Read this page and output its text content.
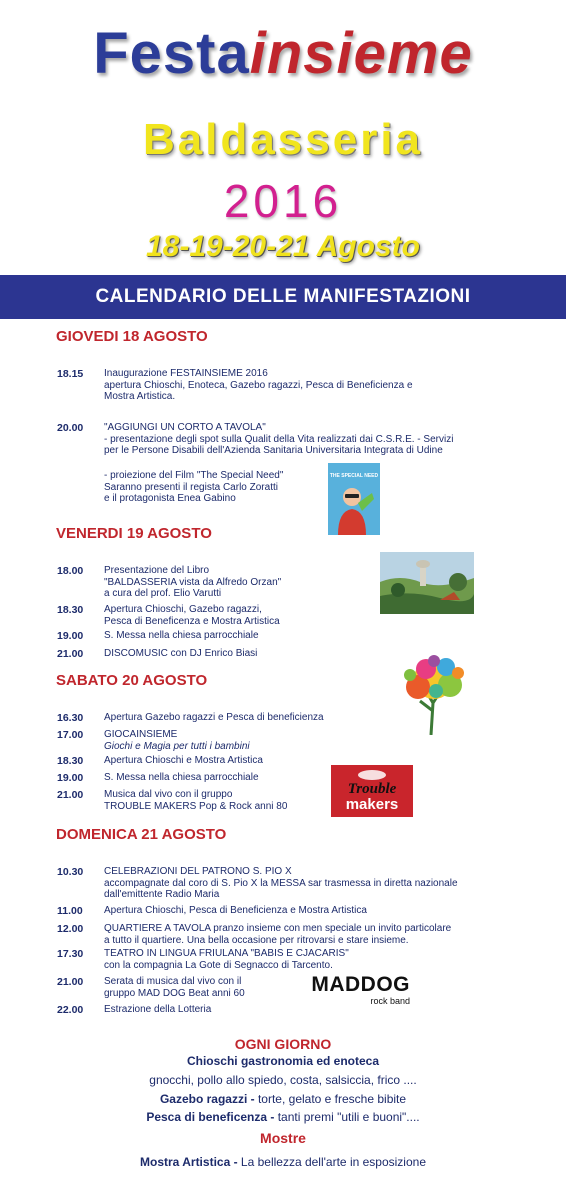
Festainsieme
Baldasseria
2016
18-19-20-21 Agosto
CALENDARIO DELLE MANIFESTAZIONI
GIOVEDI 18 AGOSTO
18.15 Inaugurazione FESTAINSIEME 2016
apertura Chioschi, Enoteca, Gazebo ragazzi, Pesca di Beneficienza e
Mostra Artistica.
20.00 "AGGIUNGI UN CORTO A TAVOLA"
- presentazione degli spot sulla Qualit della Vita realizzati dai C.S.R.E. - Servizi
per le Persone Disabili dell'Azienda Sanitaria Universitaria Integrata di Udine
- proiezione del Film "The Special Need"
Saranno presenti il regista Carlo Zoratti
e il protagonista Enea Gabino
THE SPECIAL NEED
VENERDI 19 AGOSTO
18.00 Presentazione del Libro
"BALDASSERIA vista da Alfredo Orzan"
a cura del prof. Elio Varutti
18.30 Apertura Chioschi, Gazebo ragazzi,
Pesca di Beneficenza e Mostra Artistica
19.00 S. Messa nella chiesa parrocchiale
21.00 DISCOMUSIC con DJ Enrico Biasi
SABATO 20 AGOSTO
16.30 Apertura Gazebo ragazzi e Pesca di beneficienza
17.00 GIOCAINSIEME
Giochi e Magia per tutti i bambini
18.30 Apertura Chioschi e Mostra Artistica
19.00 S. Messa nella chiesa parrocchiale
21.00 Musica dal vivo con il gruppo
TROUBLE MAKERS Pop & Rock anni 80
Trouble
makers
DOMENICA 21 AGOSTO
10.30 CELEBRAZIONI DEL PATRONO S. PIO X
accompagnate dal coro di S. Pio X la MESSA sar trasmessa in diretta nazionale
dall'emittente Radio Maria
11.00 Apertura Chioschi, Pesca di Beneficienza e Mostra Artistica
12.00 QUARTIERE A TAVOLA pranzo insieme con men speciale un invito particolare
a tutto il quartiere. Una bella occasione per ritrovarsi e stare insieme.
17.30 TEATRO IN LINGUA FRIULANA "BABIS E CJACARIS"
con la compagnia La Gote di Segnacco di Tarcento.
21.00 Serata di musica dal vivo con il
gruppo MAD DOG Beat anni 60
22.00 Estrazione della Lotteria
MADDOG
rock band
OGNI GIORNO
Chioschi gastronomia ed enoteca
gnocchi, pollo allo spiedo, costa, salsiccia, frico ....
Gazebo ragazzi - torte, gelato e fresche bibite
Pesca di beneficenza - tanti premi "utili e buoni"....
Mostre
Mostra Artistica - La bellezza dell'arte in esposizione
